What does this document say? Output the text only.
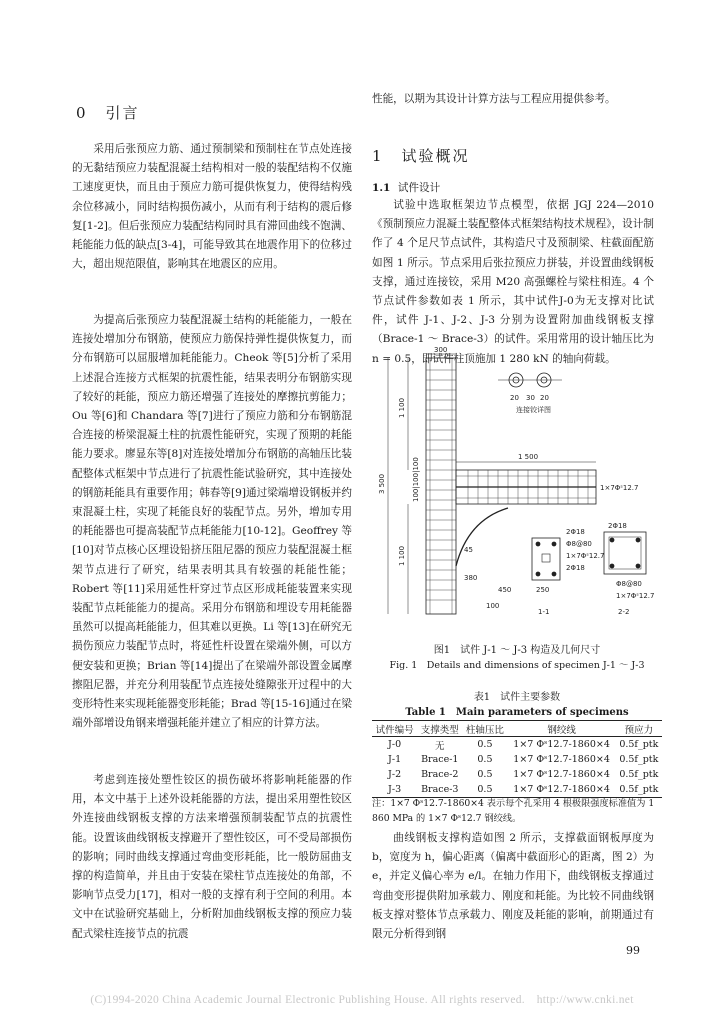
0 引言
采用后张预应力筋、通过预制梁和预制柱在节点处连接的无黏结预应力装配混凝土结构相对一般的装配结构不仅施工速度更快，而且由于预应力筋可提供恢复力，使得结构残余位移减小，同时结构损伤减小，从而有利于结构的震后修复[1-2]。但后张预应力装配结构同时具有滞回曲线不饱满、耗能能力低的缺点[3-4]，可能导致其在地震作用下的位移过大，超出规范限值，影响其在地震区的应用。
为提高后张预应力装配混凝土结构的耗能能力，一般在连接处增加分布钢筋，使预应力筋保持弹性提供恢复力，而分布钢筋可以屈服增加耗能能力。Cheok 等[5]分析了采用上述混合连接方式框架的抗震性能，结果表明分布钢筋实现了较好的耗能，预应力筋还增强了连接处的摩擦抗剪能力；Ou 等[6]和 Chandara 等[7]进行了预应力筋和分布钢筋混合连接的桥梁混凝土柱的抗震性能研究，实现了预期的耗能能力要求。廖显东等[8]对连接处增加分布钢筋的高轴压比装配整体式框架中节点进行了抗震性能试验研究，其中连接处的钢筋耗能具有重要作用；韩春等[9]通过梁端增设钢板并约束混凝土柱，实现了耗能良好的装配节点。另外，增加专用的耗能器也可提高装配节点耗能能力[10-12]。Geoffrey 等[10]对节点核心区埋设铅挤压阻尼器的预应力装配混凝土框架节点进行了研究，结果表明其具有较强的耗能性能；Robert 等[11]采用延性杆穿过节点区形成耗能装置来实现装配节点耗能能力的提高。采用分布钢筋和埋设专用耗能器虽然可以提高耗能能力，但其难以更换。Li 等[13]在研究无损伤预应力装配节点时，将延性杆设置在梁端外侧，可以方便安装和更换；Brian 等[14]提出了在梁端外部设置金属摩擦阻尼器，并充分利用装配节点连接处缝隙张开过程中的大变形特性来实现耗能器变形耗能；Brad 等[15-16]通过在梁端外部增设角钢来增强耗能并建立了相应的计算方法。
考虑到连接处塑性铰区的损伤破坏将影响耗能器的作用，本文中基于上述外设耗能器的方法，提出采用塑性铰区外连接曲线钢板支撑的方法来增强预制装配节点的抗震性能。设置该曲线钢板支撑避开了塑性铰区，可不受局部损伤的影响；同时曲线支撑通过弯曲变形耗能，比一般防屈曲支撑的构造简单，并且由于安装在梁柱节点连接处的角部，不影响节点受力[17]，相对一般的支撑有利于空间的利用。本文中在试验研究基础上，分析附加曲线钢板支撑的预应力装配式梁柱连接节点的抗震
性能，以期为其设计计算方法与工程应用提供参考。
1 试验概况
1.1 试件设计
试验中选取框架边节点模型，依据 JGJ 224—2010《预制预应力混凝土装配整体式框架结构技术规程》，设计制作了 4 个足尺节点试件，其构造尺寸及预制梁、柱截面配筋如图 1 所示。节点采用后张拉预应力拼装，并设置曲线钢板支撑，通过连接铰，采用 M20 高强螺栓与梁柱相连。4 个节点试件参数如表 1 所示，其中试件J-0为无支撑对比试件，试件 J-1、J-2、J-3 分别为设置附加曲线钢板支撑（Brace-1 ～ Brace-3）的试件。采用常用的设计轴压比为 n = 0.5，即试件柱顶施加 1 280 kN 的轴向荷载。
300
1 100
1 100
3 500	100|100|100
1 500
20 30 20
连接铰详图
1×7Φˢ12.7
2Φ18
Φ8@80
1×7Φˢ12.7
2Φ18
2Φ18
Φ8@80
1×7Φˢ12.7
45
380
450	250
1-1	2-2
100
图1　试件 J-1 ～ J-3 构造及几何尺寸
Fig. 1　Details and dimensions of specimen J-1 ～ J-3
表1　试件主要参数
Table 1　Main parameters of specimens
试件编号	支撑类型	柱轴压比	钢绞线	预应力
J-0	无	0.5	1×7 Φˢ12.7-1860×4	0.5f_ptk
J-1	Brace-1	0.5	1×7 Φˢ12.7-1860×4	0.5f_ptk
J-2	Brace-2	0.5	1×7 Φˢ12.7-1860×4	0.5f_ptk
J-3	Brace-3	0.5	1×7 Φˢ12.7-1860×4	0.5f_ptk
注：1×7 Φˢ12.7-1860×4 表示每个孔采用 4 根极限强度标准值为 1 860 MPa 的 1×7 Φˢ12.7 钢绞线。
曲线钢板支撑构造如图 2 所示，支撑截面钢板厚度为 b，宽度为 h，偏心距离（偏离中截面形心的距离，图 2）为 e，并定义偏心率为 e/l。在轴力作用下，曲线钢板支撑通过弯曲变形提供附加承载力、刚度和耗能。为比较不同曲线钢板支撑对整体节点承载力、刚度及耗能的影响，前期通过有限元分析得到钢
99
(C)1994-2020 China Academic Journal Electronic Publishing House. All rights reserved.　http://www.cnki.net
